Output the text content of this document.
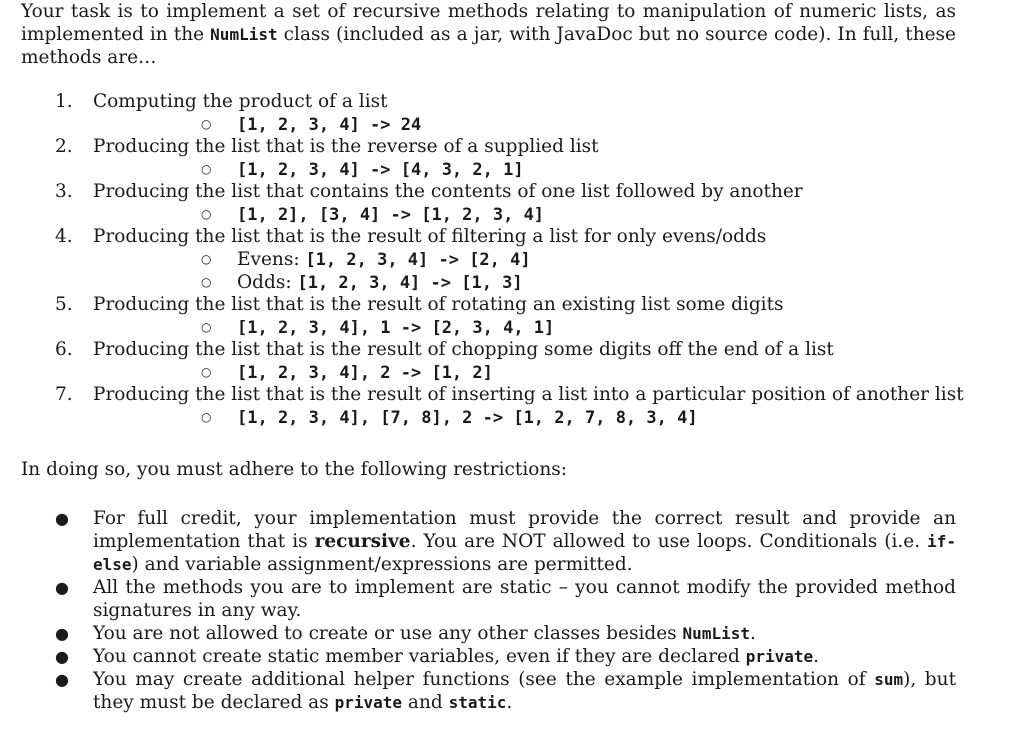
Your task is to implement a set of recursive methods relating to manipulation of numeric lists, as implemented in the NumList class (included as a jar, with JavaDoc but no source code). In full, these methods are…

1. Computing the product of a list
○ [1, 2, 3, 4] -> 24
2. Producing the list that is the reverse of a supplied list
○ [1, 2, 3, 4] -> [4, 3, 2, 1]
3. Producing the list that contains the contents of one list followed by another
○ [1, 2], [3, 4] -> [1, 2, 3, 4]
4. Producing the list that is the result of filtering a list for only evens/odds
○ Evens: [1, 2, 3, 4] -> [2, 4]
○ Odds: [1, 2, 3, 4] -> [1, 3]
5. Producing the list that is the result of rotating an existing list some digits
○ [1, 2, 3, 4], 1 -> [2, 3, 4, 1]
6. Producing the list that is the result of chopping some digits off the end of a list
○ [1, 2, 3, 4], 2 -> [1, 2]
7. Producing the list that is the result of inserting a list into a particular position of another list
○ [1, 2, 3, 4], [7, 8], 2 -> [1, 2, 7, 8, 3, 4]
In doing so, you must adhere to the following restrictions:
● For full credit, your implementation must provide the correct result and provide an implementation that is recursive. You are NOT allowed to use loops. Conditionals (i.e. if-else) and variable assignment/expressions are permitted.
● All the methods you are to implement are static – you cannot modify the provided method signatures in any way.
● You are not allowed to create or use any other classes besides NumList.
● You cannot create static member variables, even if they are declared private.
● You may create additional helper functions (see the example implementation of sum), but they must be declared as private and static.
